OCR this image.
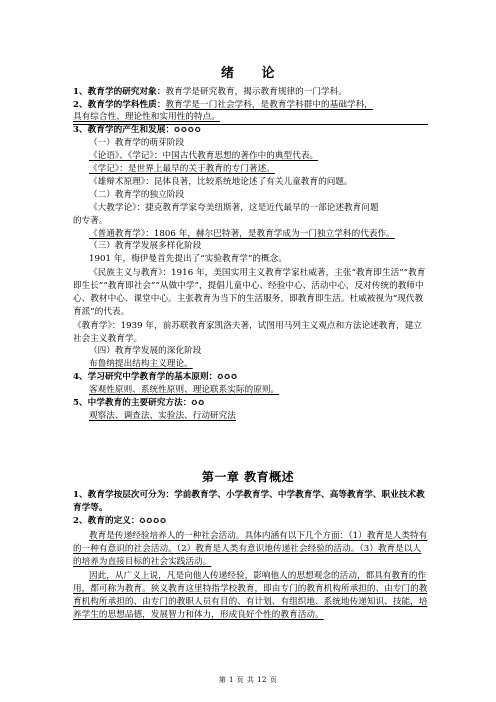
绪　　论
1、教育学的研究对象：教育学是研究教育，揭示教育规律的一门学科。
2、教育学的学科性质：教育学是一门社会学科，是教育学科群中的基础学科，
具有综合性、理论性和实用性的特点。
3、教育学的产生和发展：✪✪✪✪
（一）教育学的萌芽阶段
《论语》、《学记》：中国古代教育思想的著作中的典型代表。
《学记》：是世界上最早的关于教育的专门著述。
《雄辩术原理》：昆体良著，比较系统地论述了有关儿童教育的问题。
（二）教育学的独立阶段
《大教学论》：捷克教育学家夸美纽斯著，这是近代最早的一部论述教育问题
的专著。
《普通教育学》：1806 年，赫尔巴特著，是教育学成为一门独立学科的代表作。
（三）教育学发展多样化阶段
1901 年，梅伊曼首先提出了“实验教育学”的概念。
《民族主义与教育》：1916 年，美国实用主义教育学家杜威著，主张“教育即生活”“教育即生长”“教育即社会”“从做中学”，提倡儿童中心、经验中心、活动中心，反对传统的教师中心、教材中心、课堂中心。主张教育为当下的生活服务，即教育即生活。杜威被视为“现代教育派”的代表。
《教育学》：1939 年，前苏联教育家凯洛夫著，试图用马列主义观点和方法论述教育，建立社会主义教育学。
（四）教育学发展的深化阶段
布鲁纳提出结构主义理论。
4、学习研究中学教育学的基本原则：✪✪✪
客观性原则、系统性原则、理论联系实际的原则。
5、中学教育的主要研究方法：✪✪
观察法、调查法、实验法、行动研究法
第一章 教育概述
1、教育学按层次可分为：学前教育学、小学教育学、中学教育学、高等教育学、职业技术教育学等。
2、教育的定义：✪✪✪✪
教育是传递经验培养人的一种社会活动。具体内涵有以下几个方面：（1）教育是人类特有的一种有意识的社会活动。（2）教育是人类有意识地传递社会经验的活动。（3）教育是以人的培养为直接目标的社会实践活动。
因此，从广义上说，凡是向他人传递经验，影响他人的思想观念的活动，都具有教育的作用，都可称为教育。狭义教育这里特指学校教育，即由专门的教育机构所承担的、由专门的教育机构所承担的、由专门的教职人员有目的、有计划、有组织地、系统地传递知识、技能，培养学生的思想品德，发展智力和体力，形成良好个性的教育活动。
第 1 页 共 12 页
